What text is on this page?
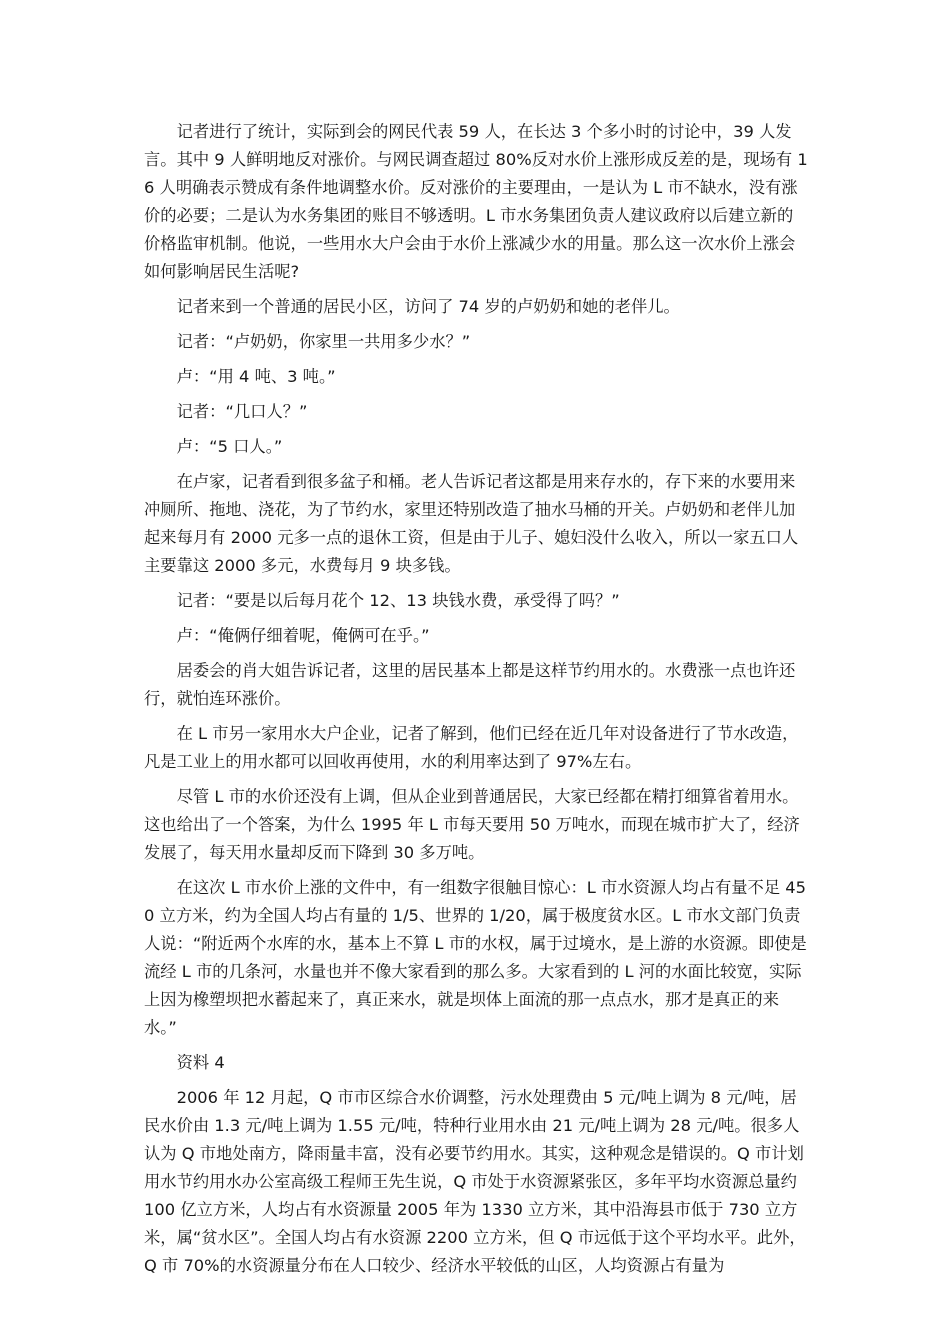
记者进行了统计，实际到会的网民代表 59 人，在长达 3 个多小时的讨论中，39 人发言。其中 9 人鲜明地反对涨价。与网民调查超过 80%反对水价上涨形成反差的是，现场有 16 人明确表示赞成有条件地调整水价。反对涨价的主要理由，一是认为 L 市不缺水，没有涨价的必要；二是认为水务集团的账目不够透明。L 市水务集团负责人建议政府以后建立新的价格监审机制。他说，一些用水大户会由于水价上涨减少水的用量。那么这一次水价上涨会如何影响居民生活呢?

记者来到一个普通的居民小区，访问了 74 岁的卢奶奶和她的老伴儿。

记者：“卢奶奶，你家里一共用多少水？”

卢：“用 4 吨、3 吨。”

记者：“几口人？”

卢：“5 口人。”

在卢家，记者看到很多盆子和桶。老人告诉记者这都是用来存水的，存下来的水要用来冲厕所、拖地、浇花，为了节约水，家里还特别改造了抽水马桶的开关。卢奶奶和老伴儿加起来每月有 2000 元多一点的退休工资，但是由于儿子、媳妇没什么收入，所以一家五口人主要靠这 2000 多元，水费每月 9 块多钱。

记者：“要是以后每月花个 12、13 块钱水费，承受得了吗？”

卢：“俺俩仔细着呢，俺俩可在乎。”

居委会的肖大姐告诉记者，这里的居民基本上都是这样节约用水的。水费涨一点也许还行，就怕连环涨价。

在 L 市另一家用水大户企业，记者了解到，他们已经在近几年对设备进行了节水改造，凡是工业上的用水都可以回收再使用，水的利用率达到了 97%左右。

尽管 L 市的水价还没有上调，但从企业到普通居民，大家已经都在精打细算省着用水。这也给出了一个答案，为什么 1995 年 L 市每天要用 50 万吨水，而现在城市扩大了，经济发展了，每天用水量却反而下降到 30 多万吨。

在这次 L 市水价上涨的文件中，有一组数字很触目惊心：L 市水资源人均占有量不足 450 立方米，约为全国人均占有量的 1/5、世界的 1/20，属于极度贫水区。L 市水文部门负责人说：“附近两个水库的水，基本上不算 L 市的水权，属于过境水，是上游的水资源。即使是流经 L 市的几条河，水量也并不像大家看到的那么多。大家看到的 L 河的水面比较宽，实际上因为橡塑坝把水蓄起来了，真正来水，就是坝体上面流的那一点点水，那才是真正的来水。”

资料 4

2006 年 12 月起，Q 市市区综合水价调整，污水处理费由 5 元/吨上调为 8 元/吨，居民水价由 1.3 元/吨上调为 1.55 元/吨，特种行业用水由 21 元/吨上调为 28 元/吨。很多人认为 Q 市地处南方，降雨量丰富，没有必要节约用水。其实，这种观念是错误的。Q 市计划用水节约用水办公室高级工程师王先生说，Q 市处于水资源紧张区，多年平均水资源总量约 100 亿立方米，人均占有水资源量 2005 年为 1330 立方米，其中沿海县市低于 730 立方米，属“贫水区”。全国人均占有水资源 2200 立方米，但 Q 市远低于这个平均水平。此外，Q 市 70%的水资源量分布在人口较少、经济水平较低的山区，人均资源占有量为
